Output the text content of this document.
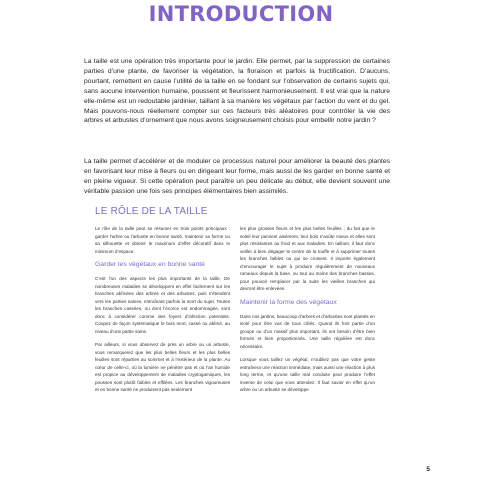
INTRODUCTION

La taille est une opération très importante pour le jardin. Elle permet, par la suppression de certaines parties d’une plante, de favoriser la végétation, la floraison et parfois la fructification. D’aucuns, pourtant, remettent en cause l’utilité de la taille en se fondant sur l’observation de certains sujets qui, sans aucune intervention humaine, poussent et fleurissent harmonieusement. Il est vrai que la nature elle-même est un redoutable jardinier, taillant à sa manière les végétaux par l’action du vent et du gel. Mais pouvons-nous réellement compter sur ces facteurs très aléatoires pour contrôler la vie des arbres et arbustes d’ornement que nous avons soigneusement choisis pour embellir notre jardin ?

La taille permet d’accélérer et de moduler ce processus naturel pour améliorer la beauté des plantes en favorisant leur mise à fleurs ou en dirigeant leur forme, mais aussi de les garder en bonne santé et en pleine vigueur. Si cette opération peut paraître un peu délicate au début, elle devient souvent une véritable passion une fois ses principes élémentaires bien assimilés.

LE RÔLE DE LA TAILLE

Le rôle de la taille peut se résumer en trois points principaux : garder l’arbre ou l’arbuste en bonne santé, maintenir sa forme ou sa silhouette et obtenir le maximum d’effet décoratif dans le minimum d’espace.

Garder les végétaux en bonne santé

C’est l’un des aspects les plus importants de la taille. De nombreuses maladies se développent en effet facilement sur les branches abîmées des arbres et des arbustes, puis s’étendent vers les parties saines, entraînant parfois la mort du sujet. Toutes les branches cassées, ou dont l’écorce est endommagée, sont donc à considérer comme des foyers d’infection potentiels. Coupez de façon systématique le bois mort, cassé ou abîmé, au niveau d’une partie saine.

Par ailleurs, si vous observez de près un arbre ou un arbuste, vous remarquerez que les plus belles fleurs et les plus belles feuilles sont réparties au sommet et à l’extérieur de la plante. Au cœur de celle-ci, où la lumière ne pénètre pas et où l’air humide est propice au développement de maladies cryptogamiques, les pousses sont plutôt faibles et effilées. Les branches vigoureuses et en bonne santé ne produisent pas seulement

les plus grosses fleurs et les plus belles feuilles ; du fait que le soleil leur parvient aisément, leur bois s’aoûte mieux et elles sont plus résistantes au froid et aux maladies. En taillant, il faut donc veiller à bien dégager le centre de la touffe et à supprimer toutes les branches faibles ou qui se croisent. Il importe également d’encourager le sujet à produire régulièrement de nouveaux rameaux depuis la base, ou tout au moins des branches basses, pour pouvoir remplacer par la suite les vieilles branches qui devront être enlevées.

Maintenir la forme des végétaux

Dans nos jardins, beaucoup d’arbres et d’arbustes sont plantés en isolé pour être vus de tous côtés. Quand ils font partie d’un groupe ou d’un massif plus important, ils ont besoin d’être bien formés et bien proportionnés. Une taille régulière est donc nécessaire.

Lorsque vous taillez un végétal, n’oubliez pas que votre geste entraînera une réaction immédiate, mais aussi une réaction à plus long terme, et qu’une taille mal conduite peut produire l’effet inverse de celui que vous attendez. Il faut savoir en effet qu’un arbre ou un arbuste se développe

5
